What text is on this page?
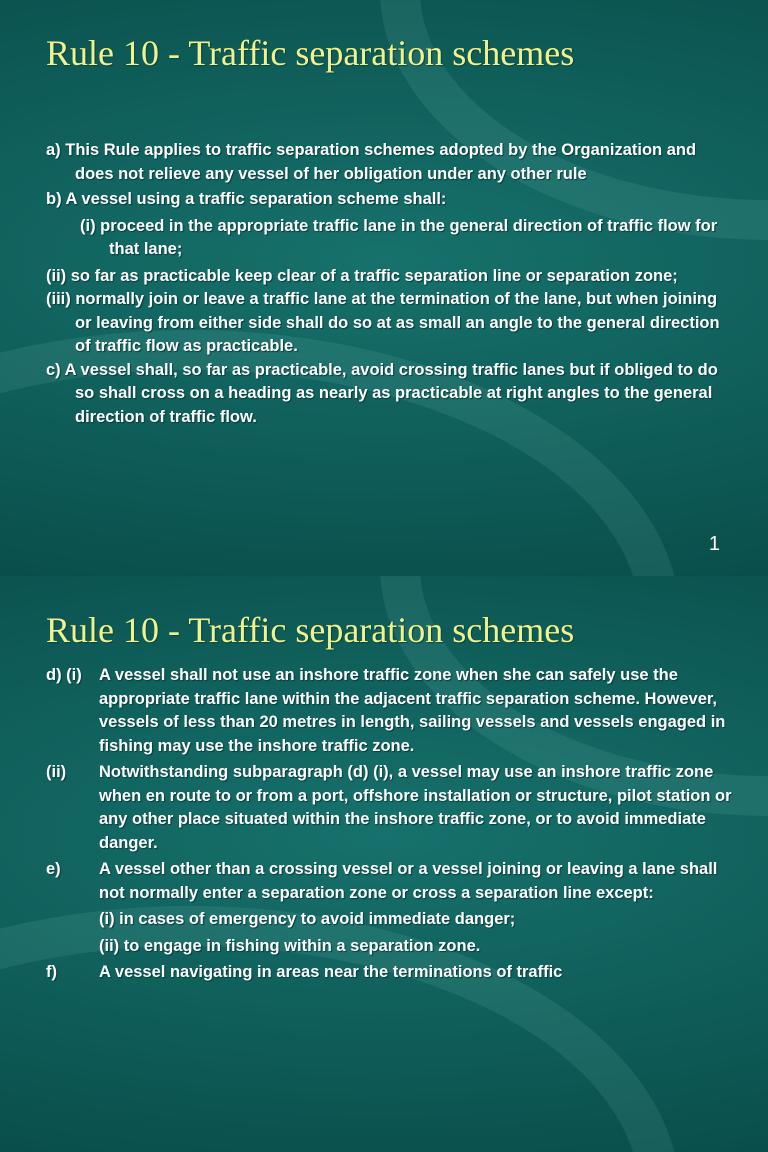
Rule 10 - Traffic separation schemes

a) This Rule applies to traffic separation schemes adopted by the Organization and does not relieve any vessel of her obligation under any other rule

b) A vessel using a traffic separation scheme shall:

(i) proceed in the appropriate traffic lane in the general direction of traffic flow for that lane;

(ii) so far as practicable keep clear of a traffic separation line or separation zone;

(iii) normally join or leave a traffic lane at the termination of the lane, but when joining or leaving from either side shall do so at as small an angle to the general direction of traffic flow as practicable.

c) A vessel shall, so far as practicable, avoid crossing traffic lanes but if obliged to do so shall cross on a heading as nearly as practicable at right angles to the general direction of traffic flow.

1
Rule 10 - Traffic separation schemes
d) (i)	A vessel shall not use an inshore traffic zone when she can safely use the appropriate traffic lane within the adjacent traffic separation scheme. However, vessels of less than 20 metres in length, sailing vessels and vessels engaged in fishing may use the inshore traffic zone.
(ii)	Notwithstanding subparagraph (d) (i), a vessel may use an inshore traffic zone when en route to or from a port, offshore installation or structure, pilot station or any other place situated within the inshore traffic zone, or to avoid immediate danger.
e)	A vessel other than a crossing vessel or a vessel joining or leaving a lane shall not normally enter a separation zone or cross a separation line except:
(i) in cases of emergency to avoid immediate danger;
(ii) to engage in fishing within a separation zone.
f)	A vessel navigating in areas near the terminations of traffic
